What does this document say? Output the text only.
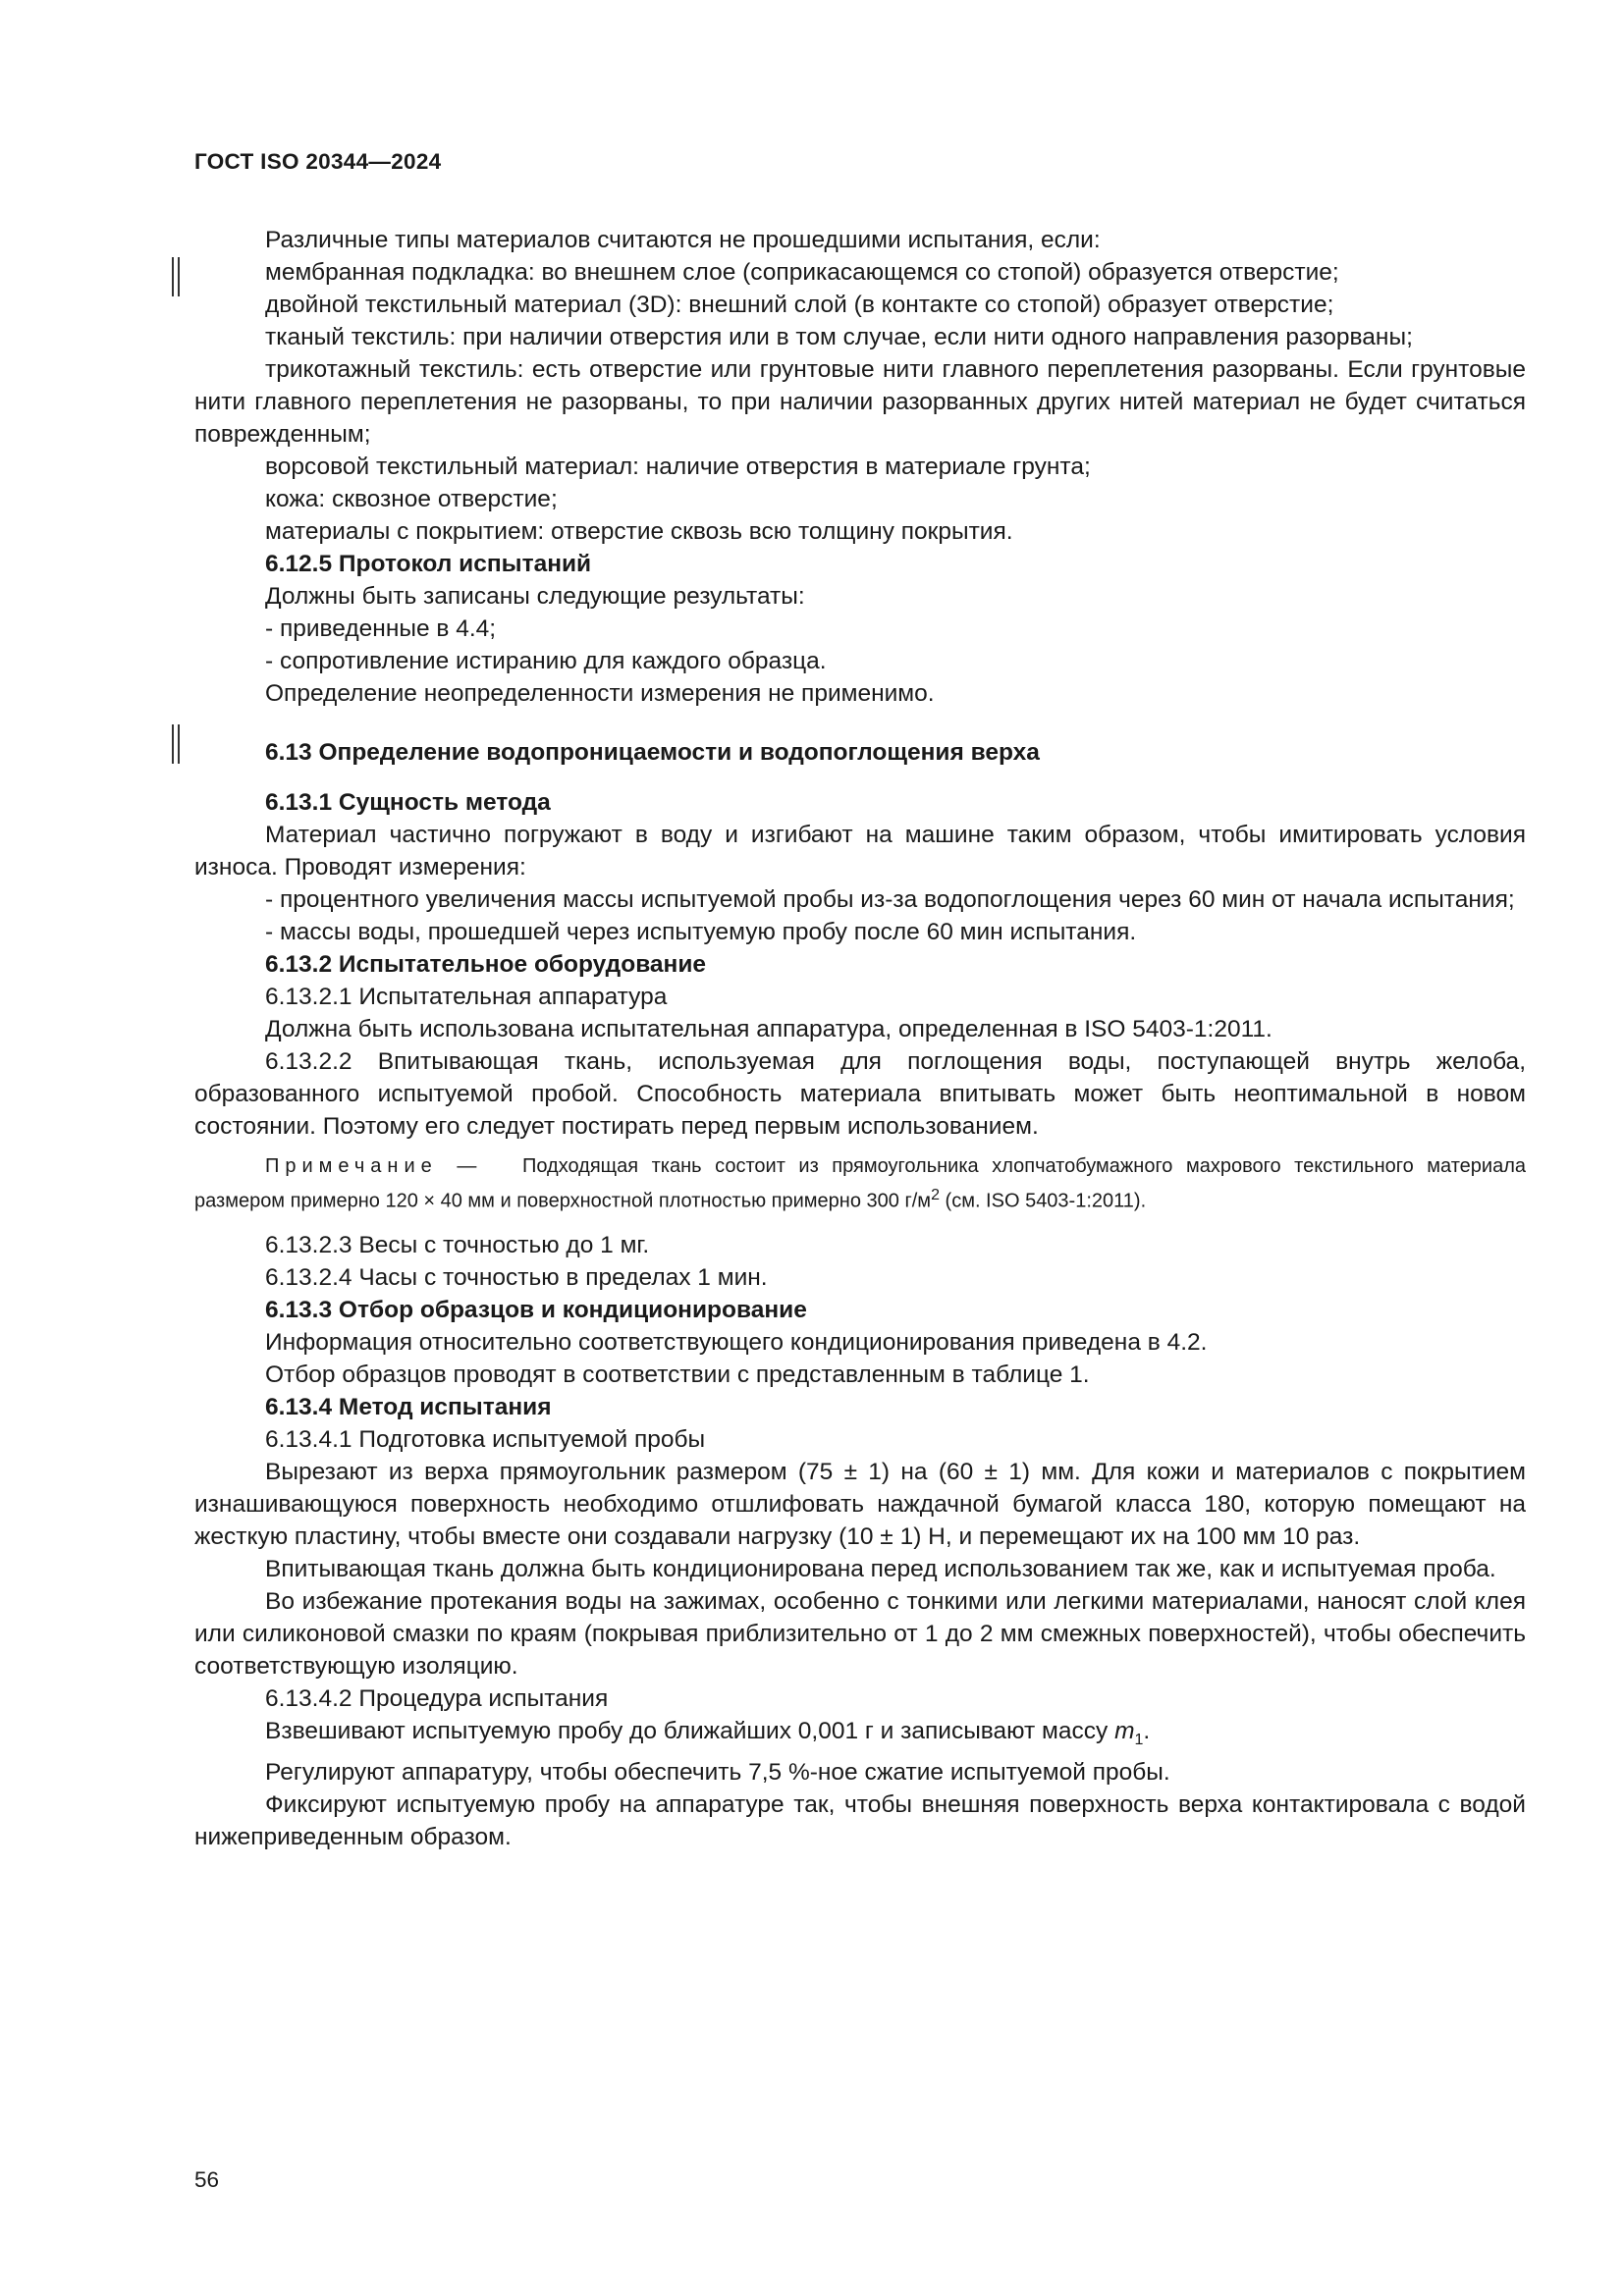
ГОСТ ISO 20344—2024

Различные типы материалов считаются не прошедшими испытания, если:

мембранная подкладка: во внешнем слое (соприкасающемся со стопой) образуется отверстие;

двойной текстильный материал (3D): внешний слой (в контакте со стопой) образует отверстие;

тканый текстиль: при наличии отверстия или в том случае, если нити одного направления разорваны;

трикотажный текстиль: есть отверстие или грунтовые нити главного переплетения разорваны. Если грунтовые нити главного переплетения не разорваны, то при наличии разорванных других нитей материал не будет считаться поврежденным;

ворсовой текстильный материал: наличие отверстия в материале грунта;

кожа: сквозное отверстие;

материалы с покрытием: отверстие сквозь всю толщину покрытия.

6.12.5 Протокол испытаний

Должны быть записаны следующие результаты:

- приведенные в 4.4;

- сопротивление истиранию для каждого образца.

Определение неопределенности измерения не применимо.

6.13 Определение водопроницаемости и водопоглощения верха

6.13.1 Сущность метода

Материал частично погружают в воду и изгибают на машине таким образом, чтобы имитировать условия износа. Проводят измерения:

- процентного увеличения массы испытуемой пробы из-за водопоглощения через 60 мин от начала испытания;

- массы воды, прошедшей через испытуемую пробу после 60 мин испытания.

6.13.2 Испытательное оборудование

6.13.2.1 Испытательная аппаратура

Должна быть использована испытательная аппаратура, определенная в ISO 5403-1:2011.

6.13.2.2 Впитывающая ткань, используемая для поглощения воды, поступающей внутрь желоба, образованного испытуемой пробой. Способность материала впитывать может быть неоптимальной в новом состоянии. Поэтому его следует постирать перед первым использованием.

Примечание — Подходящая ткань состоит из прямоугольника хлопчатобумажного махрового текстильного материала размером примерно 120 × 40 мм и поверхностной плотностью примерно 300 $г/м^2$ (см. ISO 5403-1:2011).

6.13.2.3 Весы с точностью до 1 мг.

6.13.2.4 Часы с точностью в пределах 1 мин.

6.13.3 Отбор образцов и кондиционирование

Информация относительно соответствующего кондиционирования приведена в 4.2.

Отбор образцов проводят в соответствии с представленным в таблице 1.

6.13.4 Метод испытания

6.13.4.1 Подготовка испытуемой пробы

Вырезают из верха прямоугольник размером (75 ± 1) на (60 ± 1) мм. Для кожи и материалов с покрытием изнашивающуюся поверхность необходимо отшлифовать наждачной бумагой класса 180, которую помещают на жесткую пластину, чтобы вместе они создавали нагрузку (10 ± 1) Н, и перемещают их на 100 мм 10 раз.

Впитывающая ткань должна быть кондиционирована перед использованием так же, как и испытуемая проба.

Во избежание протекания воды на зажимах, особенно с тонкими или легкими материалами, наносят слой клея или силиконовой смазки по краям (покрывая приблизительно от 1 до 2 мм смежных поверхностей), чтобы обеспечить соответствующую изоляцию.

6.13.4.2 Процедура испытания

Взвешивают испытуемую пробу до ближайших 0,001 г и записывают массу $m_1$.

Регулируют аппаратуру, чтобы обеспечить 7,5 %-ное сжатие испытуемой пробы.

Фиксируют испытуемую пробу на аппаратуре так, чтобы внешняя поверхность верха контактировала с водой нижеприведенным образом.

56
